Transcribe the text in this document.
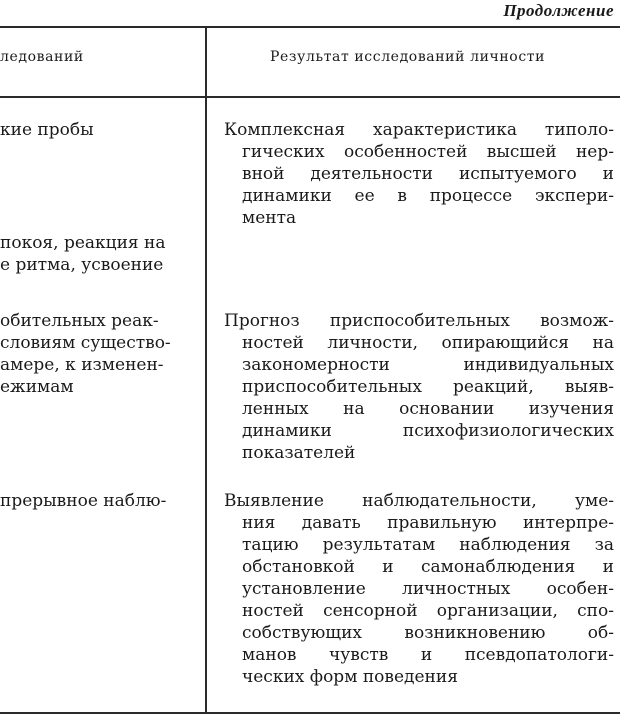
Продолжение
ледований	Результат исследований личности
кие пробы
покоя, реакция на
е ритма, усвоение
обительных реак-
словиям существо-
амере, к изменен-
ежимам
прерывное наблю-
Комплексная характеристика типоло-
гических особенностей высшей нер-
вной деятельности испытуемого и
динамики ее в процессе экспери-
мента
Прогноз приспособительных возмож-
ностей личности, опирающийся на
закономерности индивидуальных
приспособительных реакций, выяв-
ленных на основании изучения
динамики психофизиологических
показателей
Выявление наблюдательности, уме-
ния давать правильную интерпре-
тацию результатам наблюдения за
обстановкой и самонаблюдения и
установление личностных особен-
ностей сенсорной организации, спо-
собствующих возникновению об-
манов чувств и псевдопатологи-
ческих форм поведения
